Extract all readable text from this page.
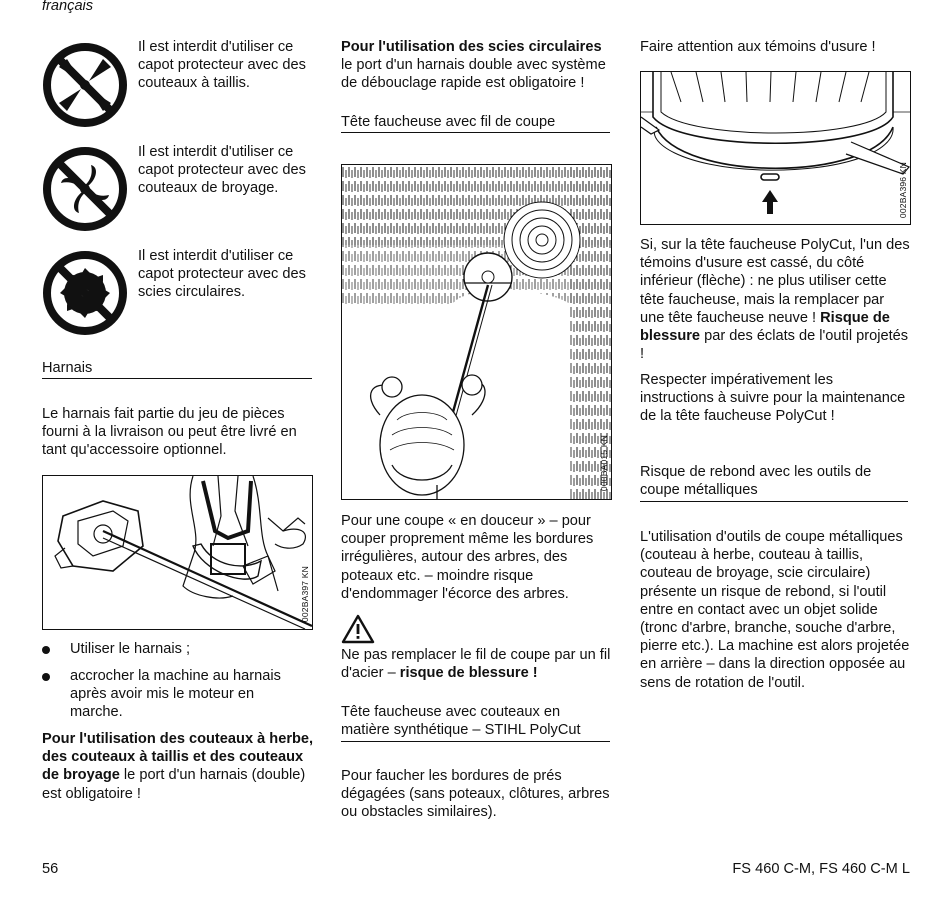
français
Il est interdit d'utiliser ce capot protecteur avec des couteaux à taillis.
Il est interdit d'utiliser ce capot protecteur avec des couteaux de broyage.
Il est interdit d'utiliser ce capot protecteur avec des scies circulaires.
Harnais

Le harnais fait partie du jeu de pièces fourni à la livraison ou peut être livré en tant qu'accessoire optionnel.

002BA397 KN

Utiliser le harnais ;

accrocher la machine au harnais après avoir mis le moteur en marche.

Pour l'utilisation des couteaux à herbe, des couteaux à taillis et des couteaux de broyage le port d'un harnais (double) est obligatoire !

Pour l'utilisation des scies circulaires le port d'un harnais double avec système de débouclage rapide est obligatoire !

Tête faucheuse avec fil de coupe
000BA015 KN

Pour une coupe « en douceur » – pour couper proprement même les bordures irrégulières, autour des arbres, des poteaux etc. – moindre risque d'endommager l'écorce des arbres.

Ne pas remplacer le fil de coupe par un fil d'acier – risque de blessure !

Tête faucheuse avec couteaux en matière synthétique – STIHL PolyCut

Pour faucher les bordures de prés dégagées (sans poteaux, clôtures, arbres ou obstacles similaires).

Faire attention aux témoins d'usure !
002BA396 KN

Si, sur la tête faucheuse PolyCut, l'un des témoins d'usure est cassé, du côté inférieur (flèche) : ne plus utiliser cette tête faucheuse, mais la remplacer par une tête faucheuse neuve ! Risque de blessure par des éclats de l'outil projetés !

Respecter impérativement les instructions à suivre pour la maintenance de la tête faucheuse PolyCut !

Risque de rebond avec les outils de coupe métalliques

L'utilisation d'outils de coupe métalliques (couteau à herbe, couteau à taillis, couteau de broyage, scie circulaire) présente un risque de rebond, si l'outil entre en contact avec un objet solide (tronc d'arbre, branche, souche d'arbre, pierre etc.). La machine est alors projetée en arrière – dans la direction opposée au sens de rotation de l'outil.

56	FS 460 C-M, FS 460 C-M L
